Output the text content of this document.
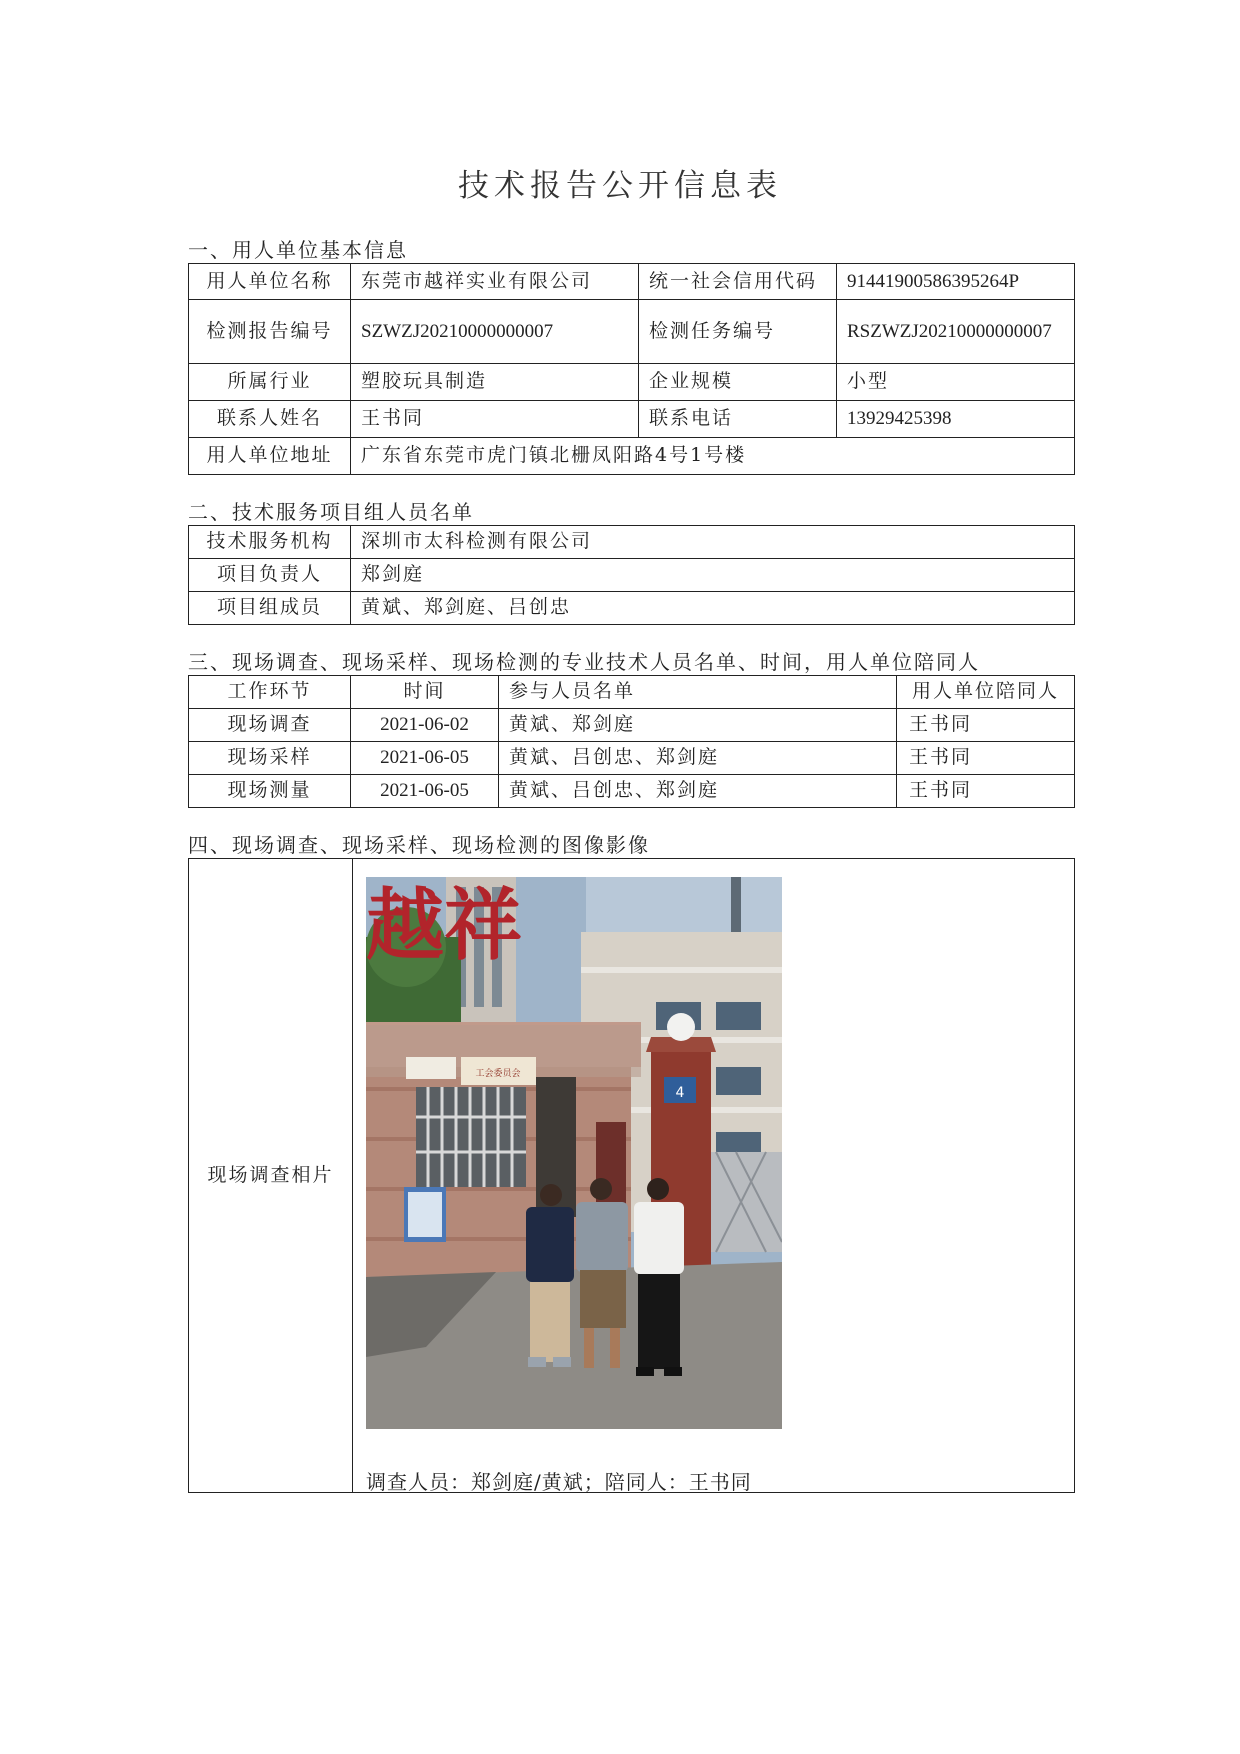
技术报告公开信息表
一、用人单位基本信息
用人单位名称	东莞市越祥实业有限公司	统一社会信用代码	91441900586395264P
检测报告编号	SZWZJ20210000000007	检测任务编号	RSZWZJ20210000000007
所属行业	塑胶玩具制造	企业规模	小型
联系人姓名	王书同	联系电话	13929425398
用人单位地址	广东省东莞市虎门镇北栅凤阳路4号1号楼		
二、技术服务项目组人员名单
技术服务机构	深圳市太科检测有限公司
项目负责人	郑剑庭
项目组成员	黄斌、郑剑庭、吕创忠
三、现场调查、现场采样、现场检测的专业技术人员名单、时间，用人单位陪同人
工作环节	时间	参与人员名单	用人单位陪同人
现场调查	2021-06-02	黄斌、郑剑庭	王书同
现场采样	2021-06-05	黄斌、吕创忠、郑剑庭	王书同
现场测量	2021-06-05	黄斌、吕创忠、郑剑庭	王书同
四、现场调查、现场采样、现场检测的图像影像
现场调查相片	
越祥
工会委员会
4
调查人员：郑剑庭/黄斌；陪同人：王书同
